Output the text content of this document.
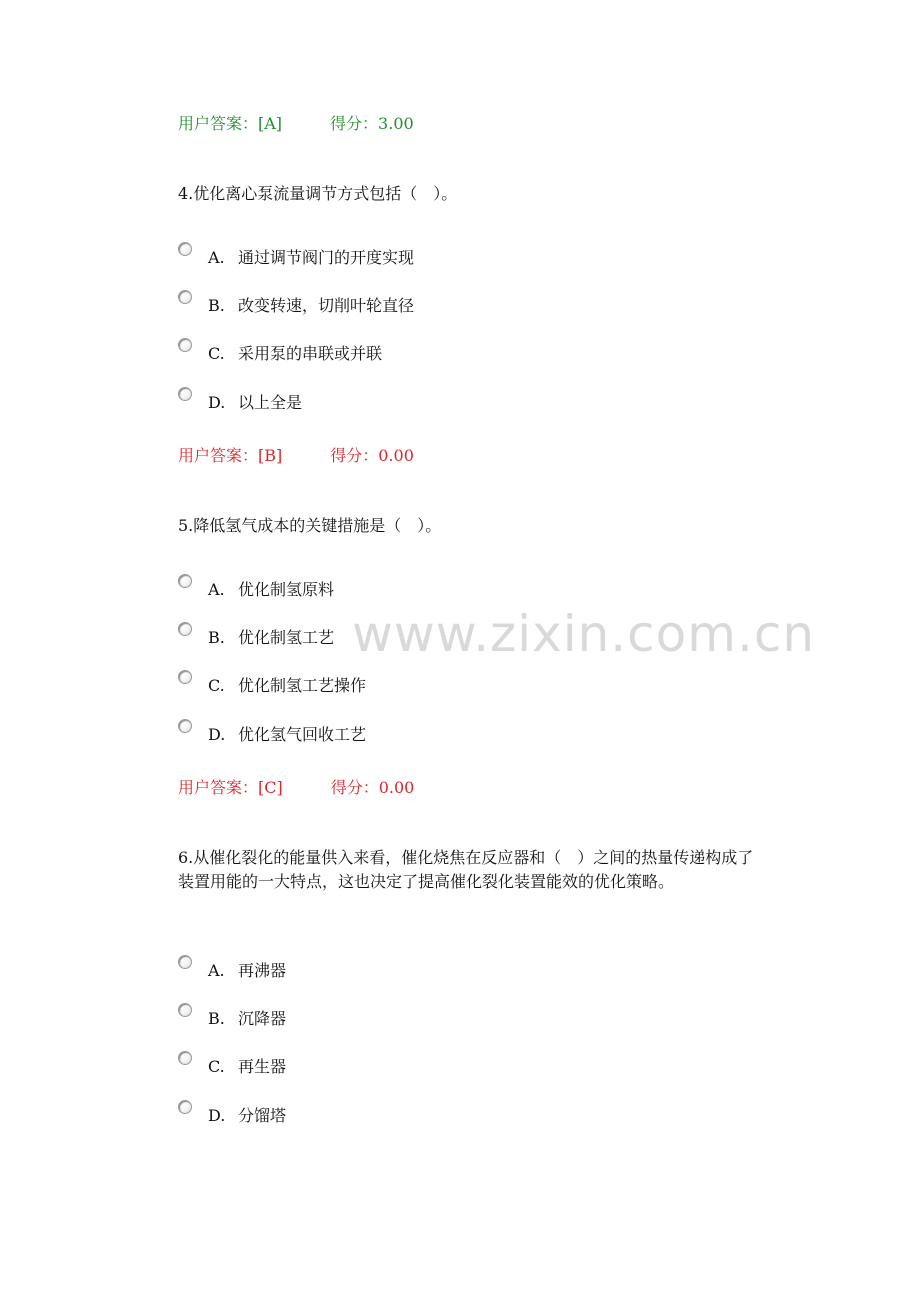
www.zixin.com.cn
用户答案：[A]	得分：3.00
4.优化离心泵流量调节方式包括（　）。
A. 通过调节阀门的开度实现
B. 改变转速，切削叶轮直径
C. 采用泵的串联或并联
D. 以上全是
用户答案：[B]	得分：0.00
5.降低氢气成本的关键措施是（　）。
A. 优化制氢原料
B. 优化制氢工艺
C. 优化制氢工艺操作
D. 优化氢气回收工艺
用户答案：[C]	得分：0.00
6.从催化裂化的能量供入来看，催化烧焦在反应器和（　）之间的热量传递构成了装置用能的一大特点，这也决定了提高催化裂化装置能效的优化策略。
A. 再沸器
B. 沉降器
C. 再生器
D. 分馏塔
